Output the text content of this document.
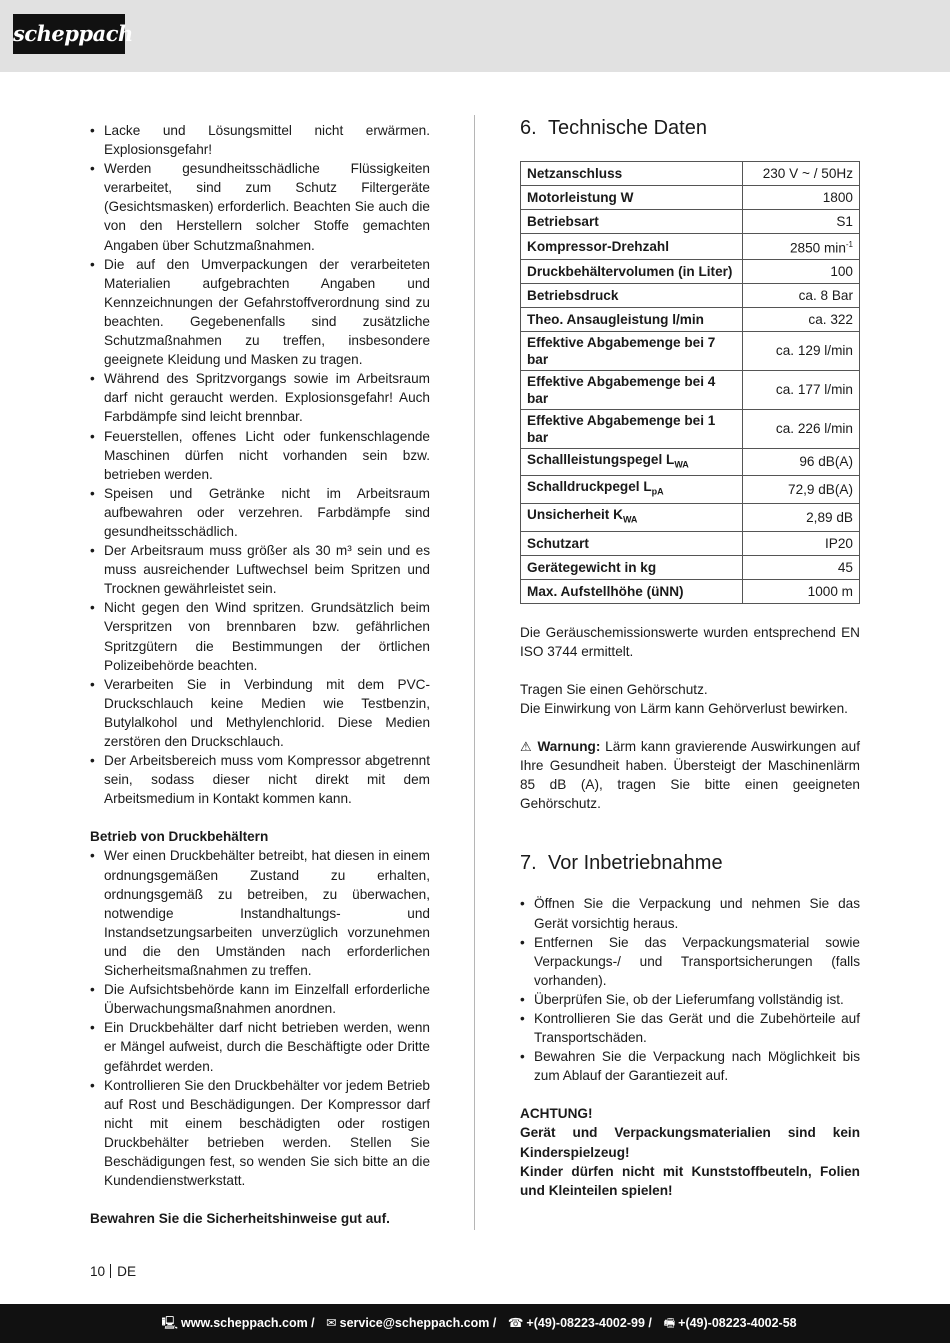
scheppach
• Lacke und Lösungsmittel nicht erwärmen. Explosionsgefahr!
• Werden gesundheitsschädliche Flüssigkeiten verarbeitet, sind zum Schutz Filtergeräte (Gesichtsmasken) erforderlich. Beachten Sie auch die von den Herstellern solcher Stoffe gemachten Angaben über Schutzmaßnahmen.
• Die auf den Umverpackungen der verarbeiteten Materialien aufgebrachten Angaben und Kennzeichnungen der Gefahrstoffverordnung sind zu beachten. Gegebenenfalls sind zusätzliche Schutzmaßnahmen zu treffen, insbesondere geeignete Kleidung und Masken zu tragen.
• Während des Spritzvorgangs sowie im Arbeitsraum darf nicht geraucht werden. Explosionsgefahr! Auch Farbdämpfe sind leicht brennbar.
• Feuerstellen, offenes Licht oder funkenschlagende Maschinen dürfen nicht vorhanden sein bzw. betrieben werden.
• Speisen und Getränke nicht im Arbeitsraum aufbewahren oder verzehren. Farbdämpfe sind gesundheitsschädlich.
• Der Arbeitsraum muss größer als 30 m³ sein und es muss ausreichender Luftwechsel beim Spritzen und Trocknen gewährleistet sein.
• Nicht gegen den Wind spritzen. Grundsätzlich beim Verspritzen von brennbaren bzw. gefährlichen Spritzgütern die Bestimmungen der örtlichen Polizeibehörde beachten.
• Verarbeiten Sie in Verbindung mit dem PVC-Druckschlauch keine Medien wie Testbenzin, Butylalkohol und Methylenchlorid. Diese Medien zerstören den Druckschlauch.
• Der Arbeitsbereich muss vom Kompressor abgetrennt sein, sodass dieser nicht direkt mit dem Arbeitsmedium in Kontakt kommen kann.
Betrieb von Druckbehältern
• Wer einen Druckbehälter betreibt, hat diesen in einem ordnungsgemäßen Zustand zu erhalten, ordnungsgemäß zu betreiben, zu überwachen, notwendige Instandhaltungs- und Instandsetzungsarbeiten unverzüglich vorzunehmen und die den Umständen nach erforderlichen Sicherheitsmaßnahmen zu treffen.
• Die Aufsichtsbehörde kann im Einzelfall erforderliche Überwachungsmaßnahmen anordnen.
• Ein Druckbehälter darf nicht betrieben werden, wenn er Mängel aufweist, durch die Beschäftigte oder Dritte gefährdet werden.
• Kontrollieren Sie den Druckbehälter vor jedem Betrieb auf Rost und Beschädigungen. Der Kompressor darf nicht mit einem beschädigten oder rostigen Druckbehälter betrieben werden. Stellen Sie Beschädigungen fest, so wenden Sie sich bitte an die Kundendienstwerkstatt.
Bewahren Sie die Sicherheitshinweise gut auf.
6. Technische Daten
Netzanschluss	230 V ~ / 50Hz
Motorleistung W	1800
Betriebsart	S1
Kompressor-Drehzahl	2850 $\min^{-1}$
Druckbehältervolumen (in Liter)	100
Betriebsdruck	ca. 8 Bar
Theo. Ansaugleistung l/min	ca. 322
Effektive Abgabemenge bei 7 bar	ca. 129 l/min
Effektive Abgabemenge bei 4 bar	ca. 177 l/min
Effektive Abgabemenge bei 1 bar	ca. 226 l/min
Schallleistungspegel $L_{WA}$	96 dB(A)
Schalldruckpegel $L_{pA}$	72,9 dB(A)
Unsicherheit $K_{WA}$	2,89 dB
Schutzart	IP20
Gerätegewicht in kg	45
Max. Aufstellhöhe (üNN)	1000 m
Die Geräuschemissionswerte wurden entsprechend EN ISO 3744 ermittelt.
Tragen Sie einen Gehörschutz.
Die Einwirkung von Lärm kann Gehörverlust bewirken.
⚠ Warnung: Lärm kann gravierende Auswirkungen auf Ihre Gesundheit haben. Übersteigt der Maschinenlärm 85 dB (A), tragen Sie bitte einen geeigneten Gehörschutz.
7. Vor Inbetriebnahme
• Öffnen Sie die Verpackung und nehmen Sie das Gerät vorsichtig heraus.
• Entfernen Sie das Verpackungsmaterial sowie Verpackungs-/ und Transportsicherungen (falls vorhanden).
• Überprüfen Sie, ob der Lieferumfang vollständig ist.
• Kontrollieren Sie das Gerät und die Zubehörteile auf Transportschäden.
• Bewahren Sie die Verpackung nach Möglichkeit bis zum Ablauf der Garantiezeit auf.
ACHTUNG!
Gerät und Verpackungsmaterialien sind kein Kinderspielzeug!
Kinder dürfen nicht mit Kunststoffbeuteln, Folien und Kleinteilen spielen!
10 DE
🖳 www.scheppach.com / ✉ service@scheppach.com / ☎ +(49)-08223-4002-99 / 🖷 +(49)-08223-4002-58
